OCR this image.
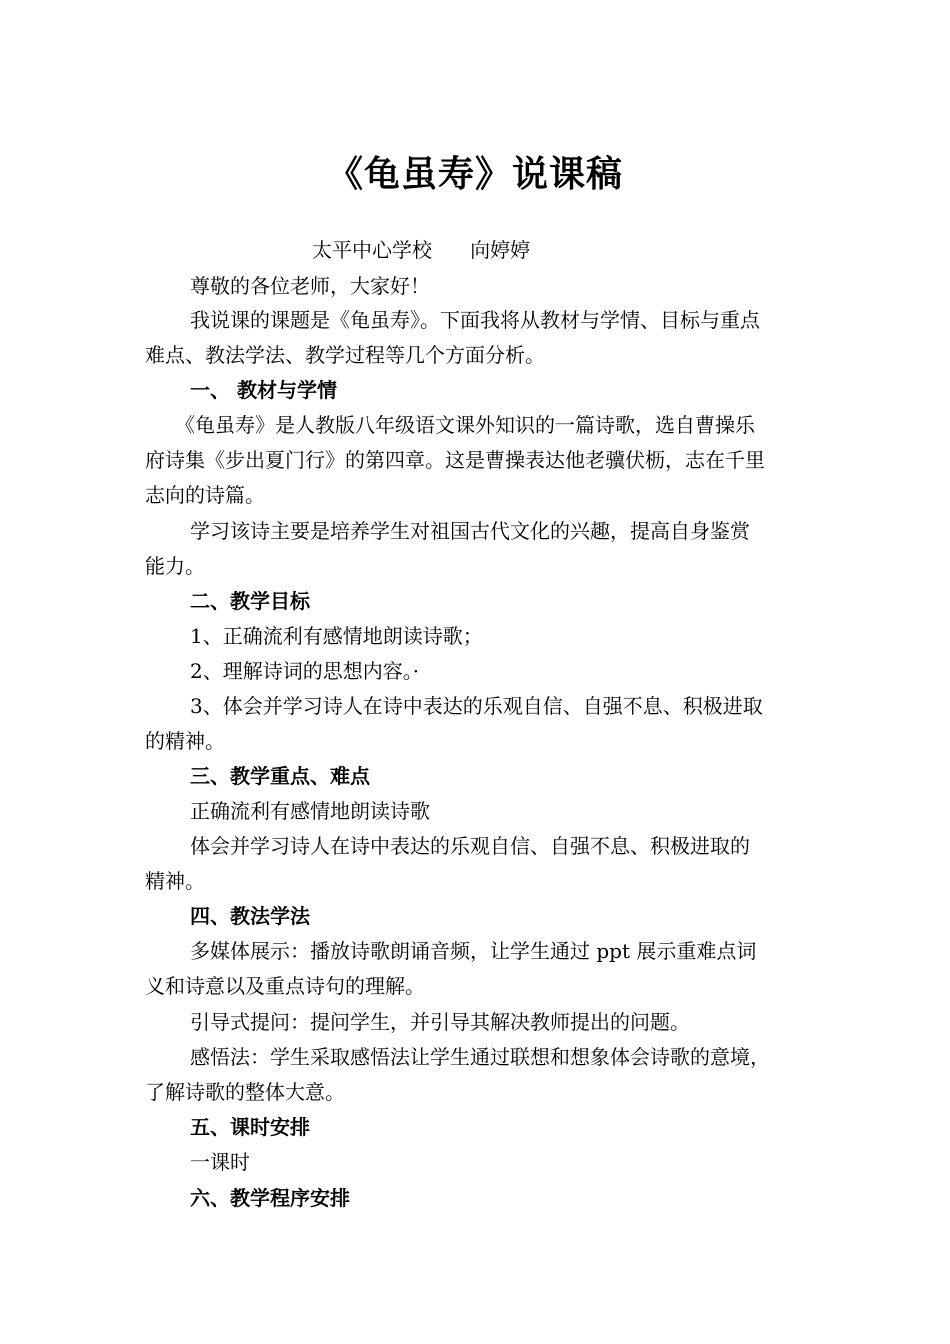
《龟虽寿》说课稿
太平中心学校      向婷婷
尊敬的各位老师，大家好！
我说课的课题是《龟虽寿》。下面我将从教材与学情、目标与重点
难点、教法学法、教学过程等几个方面分析。
一、 教材与学情
《龟虽寿》是人教版八年级语文课外知识的一篇诗歌，选自曹操乐
府诗集《步出夏门行》的第四章。这是曹操表达他老骥伏枥，志在千里
志向的诗篇。
学习该诗主要是培养学生对祖国古代文化的兴趣，提高自身鉴赏
能力。
二、教学目标
1、正确流利有感情地朗读诗歌；
2、理解诗词的思想内容。·
3、体会并学习诗人在诗中表达的乐观自信、自强不息、积极进取
的精神。
三、教学重点、难点
正确流利有感情地朗读诗歌
体会并学习诗人在诗中表达的乐观自信、自强不息、积极进取的
精神。
四、教法学法
多媒体展示：播放诗歌朗诵音频，让学生通过 ppt 展示重难点词
义和诗意以及重点诗句的理解。
引导式提问：提问学生，并引导其解决教师提出的问题。
感悟法：学生采取感悟法让学生通过联想和想象体会诗歌的意境，
了解诗歌的整体大意。
五、课时安排
一课时
六、教学程序安排
